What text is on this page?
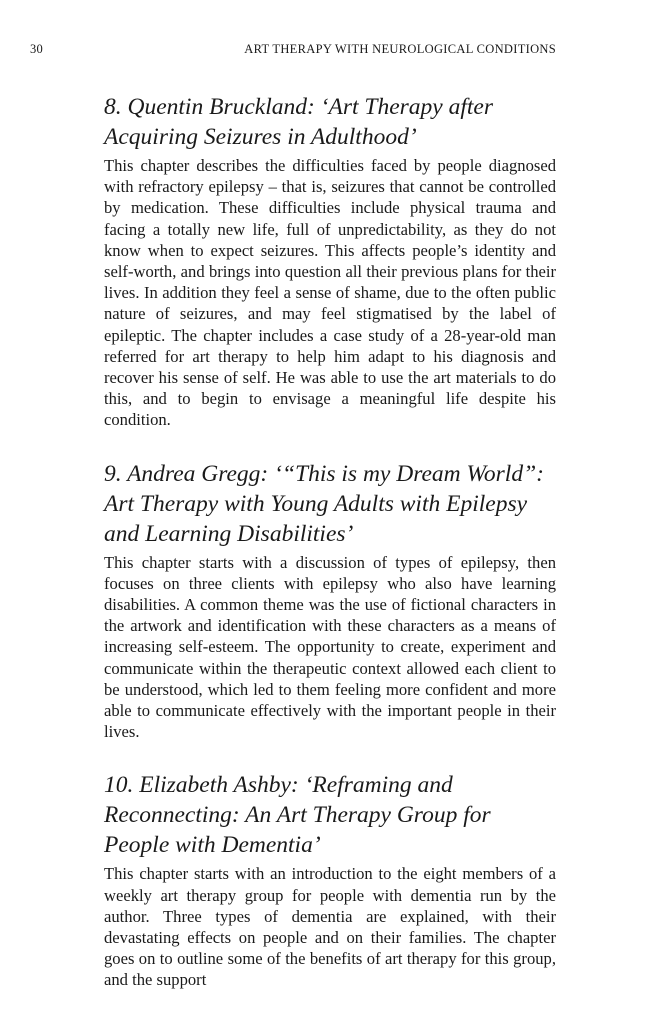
30	ART THERAPY WITH NEUROLOGICAL CONDITIONS
8. Quentin Bruckland: ‘Art Therapy after Acquiring Seizures in Adulthood’

This chapter describes the difficulties faced by people diagnosed with refractory epilepsy – that is, seizures that cannot be controlled by medication. These difficulties include physical trauma and facing a totally new life, full of unpredictability, as they do not know when to expect seizures. This affects people’s identity and self-worth, and brings into question all their previous plans for their lives. In addition they feel a sense of shame, due to the often public nature of seizures, and may feel stigmatised by the label of epileptic. The chapter includes a case study of a 28-year-old man referred for art therapy to help him adapt to his diagnosis and recover his sense of self. He was able to use the art materials to do this, and to begin to envisage a meaningful life despite his condition.

9. Andrea Gregg: ‘“This is my Dream World”: Art Therapy with Young Adults with Epilepsy and Learning Disabilities’

This chapter starts with a discussion of types of epilepsy, then focuses on three clients with epilepsy who also have learning disabilities. A common theme was the use of fictional characters in the artwork and identification with these characters as a means of increasing self-esteem. The opportunity to create, experiment and communicate within the therapeutic context allowed each client to be understood, which led to them feeling more confident and more able to communicate effectively with the important people in their lives.

10. Elizabeth Ashby: ‘Reframing and Reconnecting: An Art Therapy Group for People with Dementia’

This chapter starts with an introduction to the eight members of a weekly art therapy group for people with dementia run by the author. Three types of dementia are explained, with their devastating effects on people and on their families. The chapter goes on to outline some of the benefits of art therapy for this group, and the support
